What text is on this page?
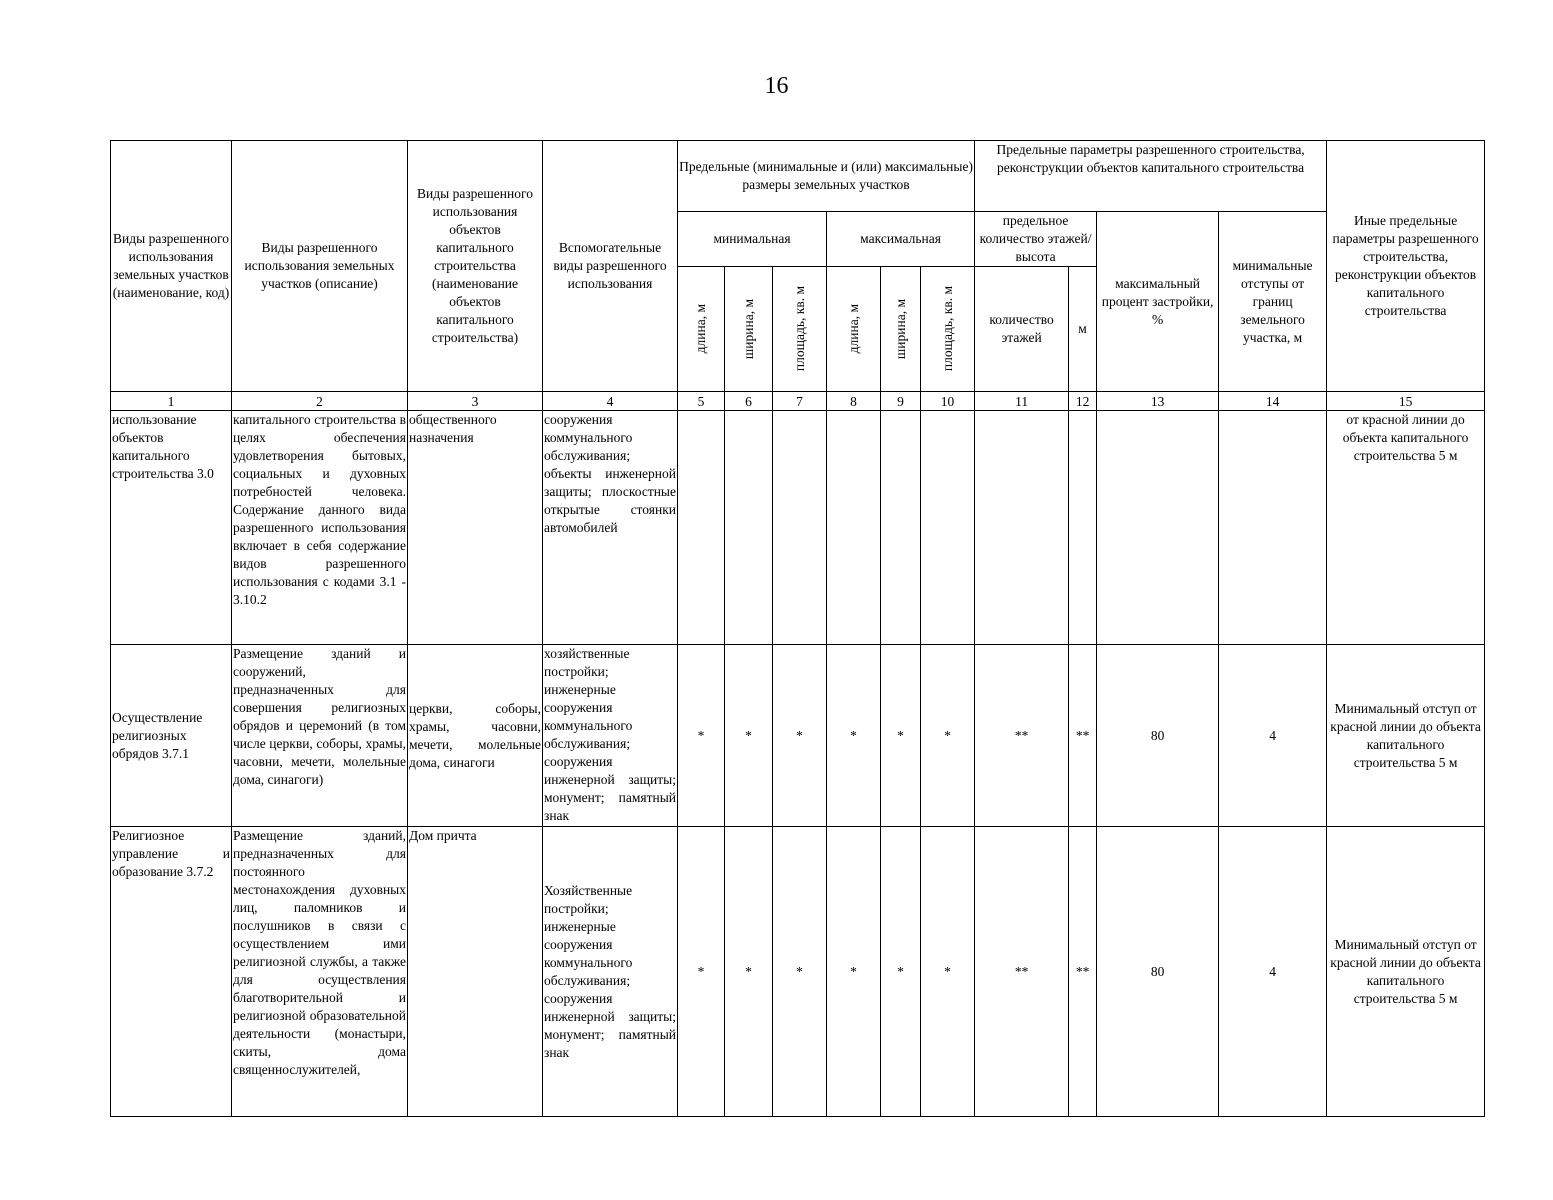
16
Виды разрешенного использования земельных участков (наименование, код)	Виды разрешенного использования земельных участков (описание)	Виды разрешенного использования объектов капитального строительства (наименование объектов капитального строительства)	Вспомогательные виды разрешенного использования	Предельные (минимальные и (или) максимальные) размеры земельных участков						Предельные параметры разрешенного строительства, реконструкции объектов капитального строительства				Иные предельные параметры разрешенного строительства, реконструкции объектов капитального строительства
				минимальная			максимальная			предельное количество этажей/высота		максимальный процент застройки, %	минимальные отступы от границ земельного участка, м	

				длина, м	ширина, м	площадь, кв. м	длина, м	ширина, м	площадь, кв. м	количество этажей	м			
1	2	3	4	5	6	7	8	9	10	11	12	13	14	15
использование объектов капитального строительства 3.0	капитального строительства в целях обеспечения удовлетворения бытовых, социальных и духовных потребностей человека. Содержание данного вида разрешенного использования включает в себя содержание видов разрешенного использования с кодами 3.1 - 3.10.2	общественного назначения	сооружения коммунального обслуживания; объекты инженерной защиты; плоскостные открытые стоянки автомобилей											от красной линии до объекта капитального строительства 5 м
Осуществление религиозных обрядов 3.7.1	Размещение зданий и сооружений, предназначенных для совершения религиозных обрядов и церемоний (в том числе церкви, соборы, храмы, часовни, мечети, молельные дома, синагоги)	церкви, соборы, храмы, часовни, мечети, молельные дома, синагоги	хозяйственные постройки; инженерные сооружения коммунального обслуживания; сооружения инженерной защиты; монумент; памятный знак	*	*	*	*	*	*	**	**	80	4	Минимальный отступ от красной линии до объекта капитального строительства 5 м
Религиозное управление и образование 3.7.2	Размещение зданий, предназначенных для постоянного местонахождения духовных лиц, паломников и послушников в связи с осуществлением ими религиозной службы, а также для осуществления благотворительной и религиозной образовательной деятельности (монастыри, скиты, дома священнослужителей,	Дом причта	Хозяйственные постройки; инженерные сооружения коммунального обслуживания; сооружения инженерной защиты; монумент; памятный знак	*	*	*	*	*	*	**	**	80	4	Минимальный отступ от красной линии до объекта капитального строительства 5 м
